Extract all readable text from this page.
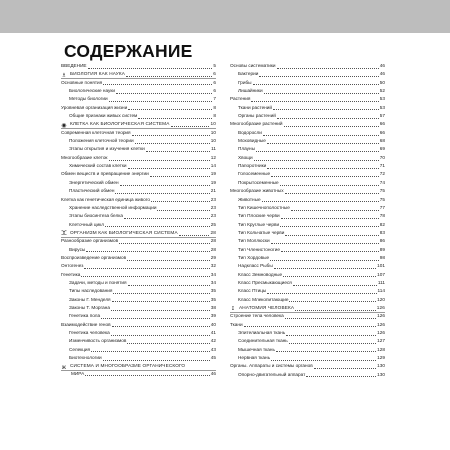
СОДЕРЖАНИЕ
ВВЕДЕНИЕ	5
♗ БИОЛОГИЯ КАК НАУКА	6
Основные понятия	6
Биологические науки	6
Методы биологии	7
Уровневая организация жизни	8
Общие признаки живых систем	8
◉ КЛЕТКА КАК БИОЛОГИЧЕСКАЯ СИСТЕМА	10
Современная клеточная теория	10
Положения клеточной теории	10
Этапы открытия и изучения клетки	11
Многообразие клеток	12
Химический состав клетки	14
Обмен веществ и превращение энергии	19
Энергетический обмен	19
Пластический обмен	21
Клетка как генетическая единица живого	23
Хранение наследственной информации	23
Этапы биосинтеза белка	23
Клеточный цикл	25
ⵋ ОРГАНИЗМ КАК БИОЛОГИЧЕСКАЯ СИСТЕМА	28
Разнообразие организмов	28
Вирусы	28
Воспроизведение организмов	29
Онтогенез	32
Генетика	34
Задачи, методы и понятия	34
Типы наследования	35
Законы Г. Менделя	35
Законы Т. Моргана	38
Генетика пола	39
Взаимодействие генов	40
Генетика человека	41
Изменчивость организмов	42
Селекция	43
Биотехнологии	45
ж СИСТЕМА И МНОГООБРАЗИЕ ОРГАНИЧЕСКОГО
МИРА	46
Основы систематики	46
Бактерии	46
Грибы	50
Лишайники	52
Растения	53
Ткани растений	53
Органы растений	57
Многообразие растений	66
Водоросли	66
Моховидные	68
Плауны	69
Хвощи	70
Папоротники	71
Голосеменные	72
Покрытосеменные	74
Многообразие животных	75
Животные	75
Тип Кишечнополостные	77
Тип Плоские черви	78
Тип Круглые черви	82
Тип Кольчатые черви	83
Тип Моллюски	86
Тип Членистоногие	89
Тип Хордовые	98
Надкласс Рыбы	101
Класс Земноводные	107
Класс Пресмыкающиеся	111
Класс Птицы	114
Класс Млекопитающие	120
ɪ	АНАТОМИЯ ЧЕЛОВЕКА	126
Строение тела человека	126
Ткани	126
Эпителиальная ткань	126
Соединительная ткань	127
Мышечная ткань	128
Нервная ткань	129
Органы. Аппараты и системы органов	130
Опорно-двигательный аппарат	130
